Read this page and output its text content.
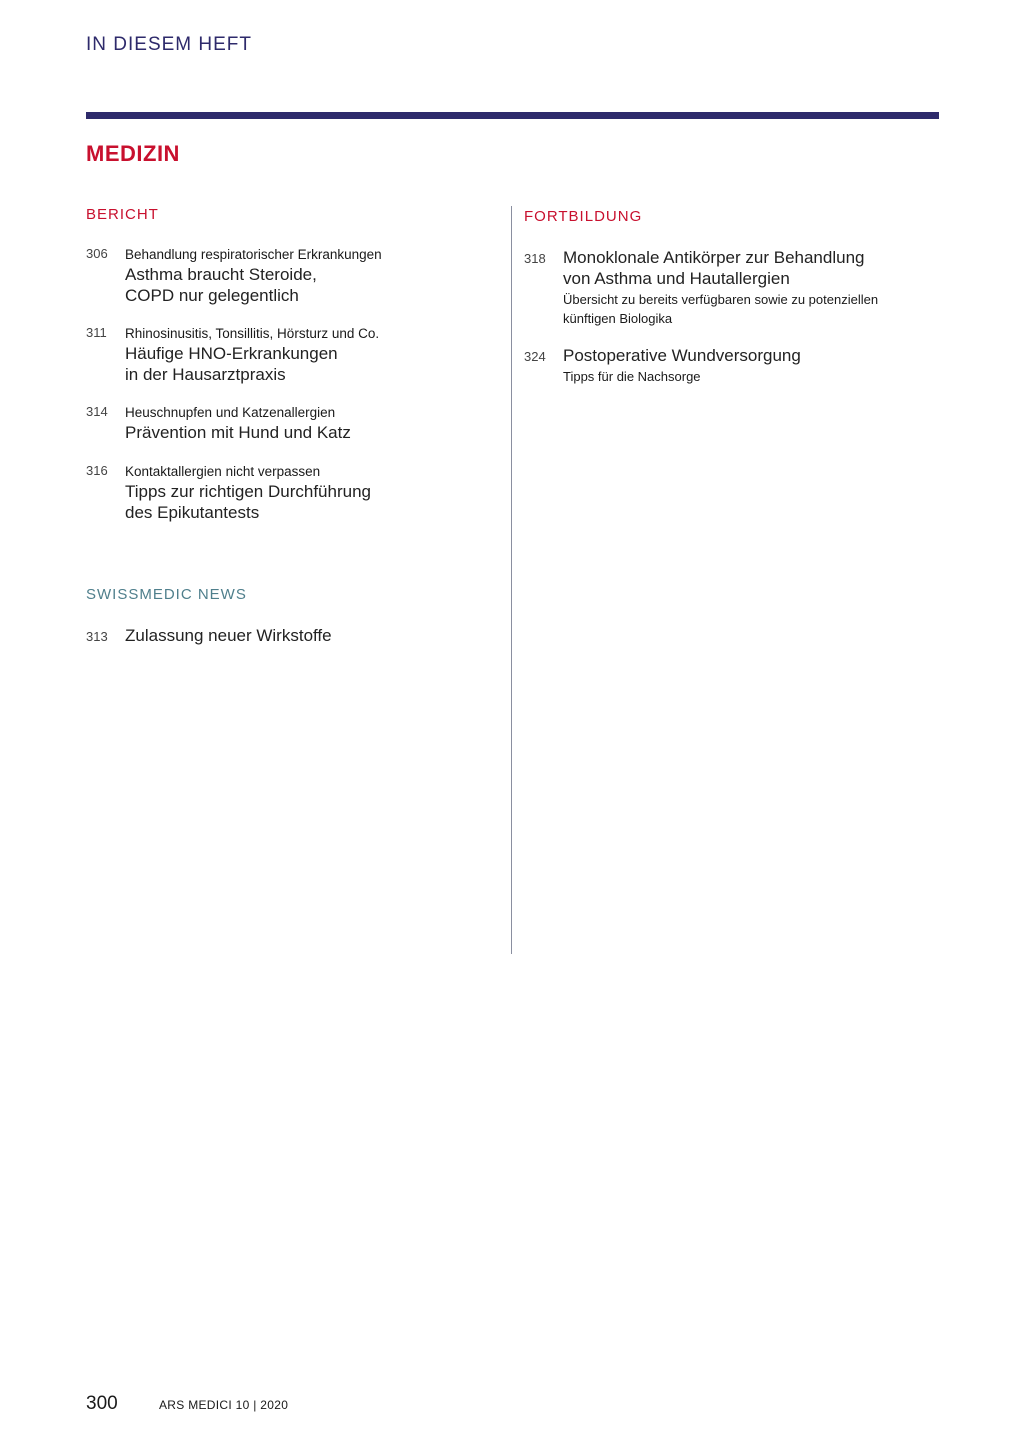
IN DIESEM HEFT
MEDIZIN
BERICHT
306 Behandlung respiratorischer Erkrankungen
Asthma braucht Steroide,
COPD nur gelegentlich
311 Rhinosinusitis, Tonsillitis, Hörsturz und Co.
Häufige HNO-Erkrankungen
in der Hausarztpraxis
314 Heuschnupfen und Katzenallergien
Prävention mit Hund und Katz
316 Kontaktallergien nicht verpassen
Tipps zur richtigen Durchführung
des Epikutantests
SWISSMEDIC NEWS
313 Zulassung neuer Wirkstoffe
FORTBILDUNG
318 Monoklonale Antikörper zur Behandlung
von Asthma und Hautallergien
Übersicht zu bereits verfügbaren sowie zu potenziellen
künftigen Biologika
324 Postoperative Wundversorgung
Tipps für die Nachsorge
300	ARS MEDICI 10 | 2020
